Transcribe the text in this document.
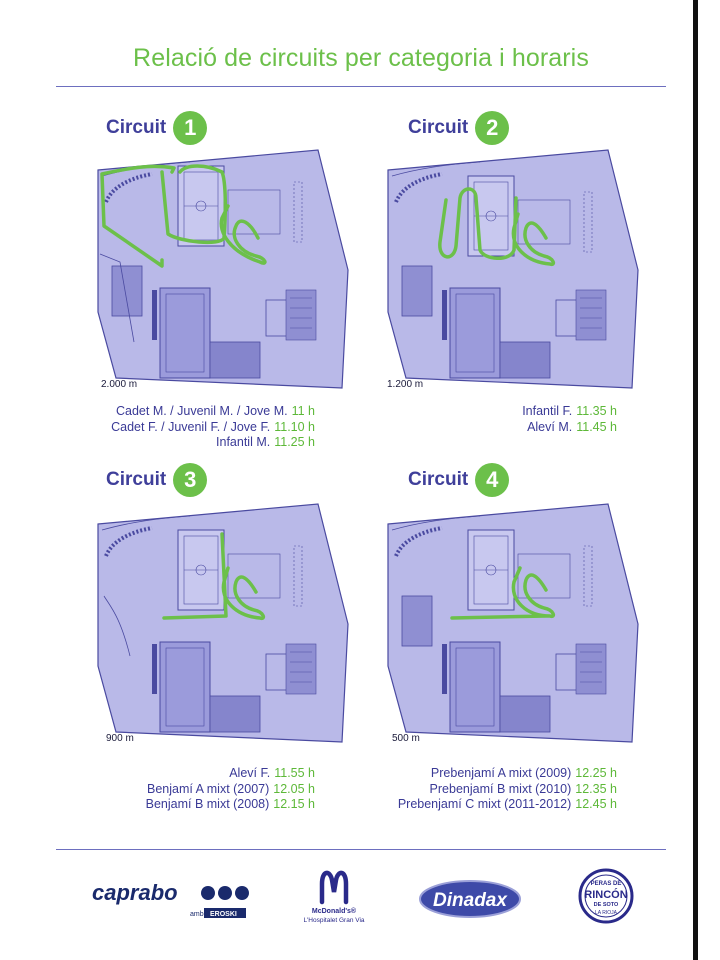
Relació de circuits per categoria i horaris
Circuit 1	Circuit 2
Circuit 3	Circuit 4
2.000 m	1.200 m
900 m	500 m
Cadet M. / Juvenil M. / Jove M. 11 h
Cadet F. / Juvenil F. / Jove F. 11.10 h
Infantil M. 11.25 h
Infantil F. 11.35 h
Aleví M. 11.45 h
Aleví F. 11.55 h
Benjamí A mixt (2007) 12.05 h
Benjamí B mixt (2008) 12.15 h
Prebenjamí A mixt (2009) 12.25 h
Prebenjamí B mixt (2010) 12.35 h
Prebenjamí C mixt (2011-2012) 12.45 h
caprabo
amb EROSKI	McDonald's®
L'Hospitalet Gran Via
Dinadax
PERAS DE
RINCÓN
DE SOTO
LA RIOJA
